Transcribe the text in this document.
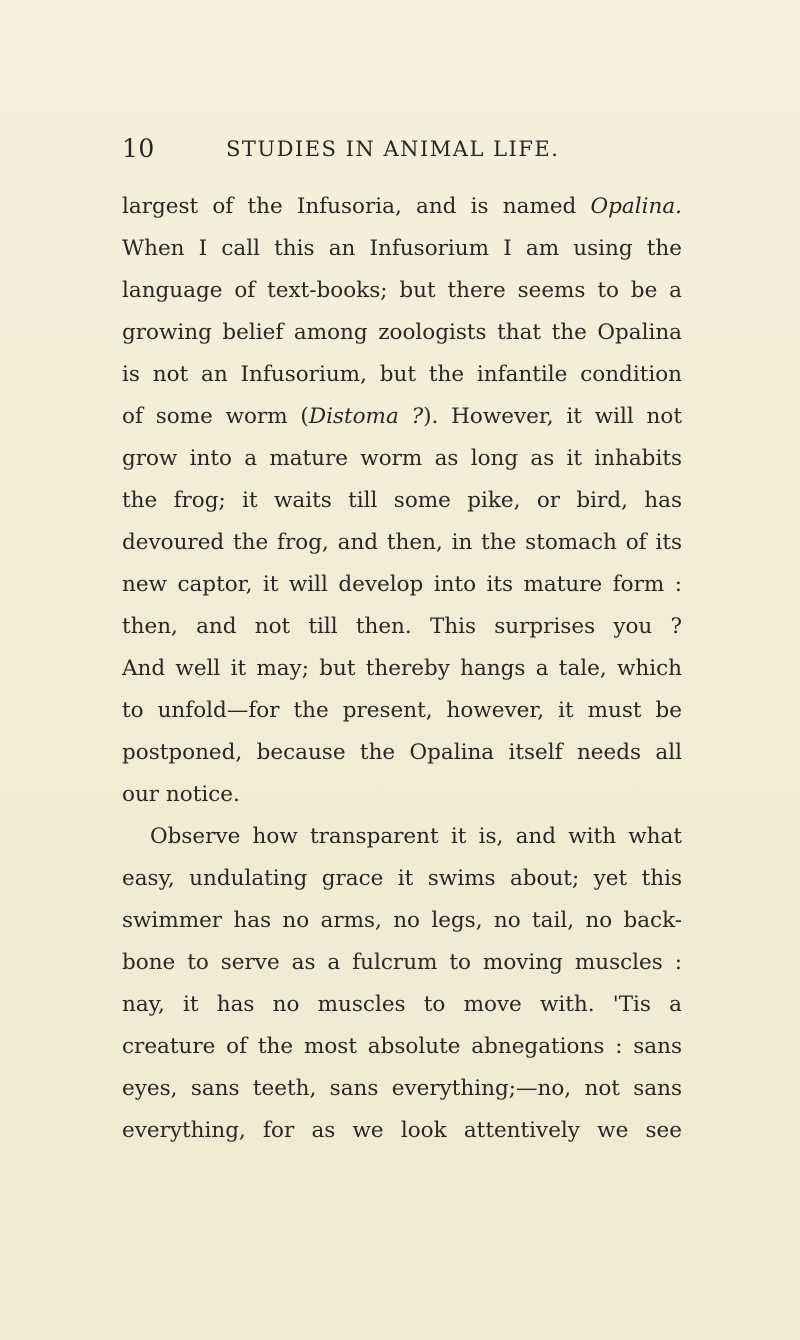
10	STUDIES IN ANIMAL LIFE.
largest of the Infusoria, and is named Opalina.
When I call this an Infusorium I am using the
language of text-books; but there seems to be a
growing belief among zoologists that the Opalina
is not an Infusorium, but the infantile condition
of some worm (Distoma ?). However, it will not
grow into a mature worm as long as it inhabits
the frog; it waits till some pike, or bird, has
devoured the frog, and then, in the stomach of its
new captor, it will develop into its mature form :
then, and not till then. This surprises you ?
And well it may; but thereby hangs a tale, which
to unfold—for the present, however, it must be
postponed, because the Opalina itself needs all
our notice.
Observe how transparent it is, and with what
easy, undulating grace it swims about; yet this
swimmer has no arms, no legs, no tail, no back-
bone to serve as a fulcrum to moving muscles :
nay, it has no muscles to move with. 'Tis a
creature of the most absolute abnegations : sans
eyes, sans teeth, sans everything;—no, not sans
everything, for as we look attentively we see
